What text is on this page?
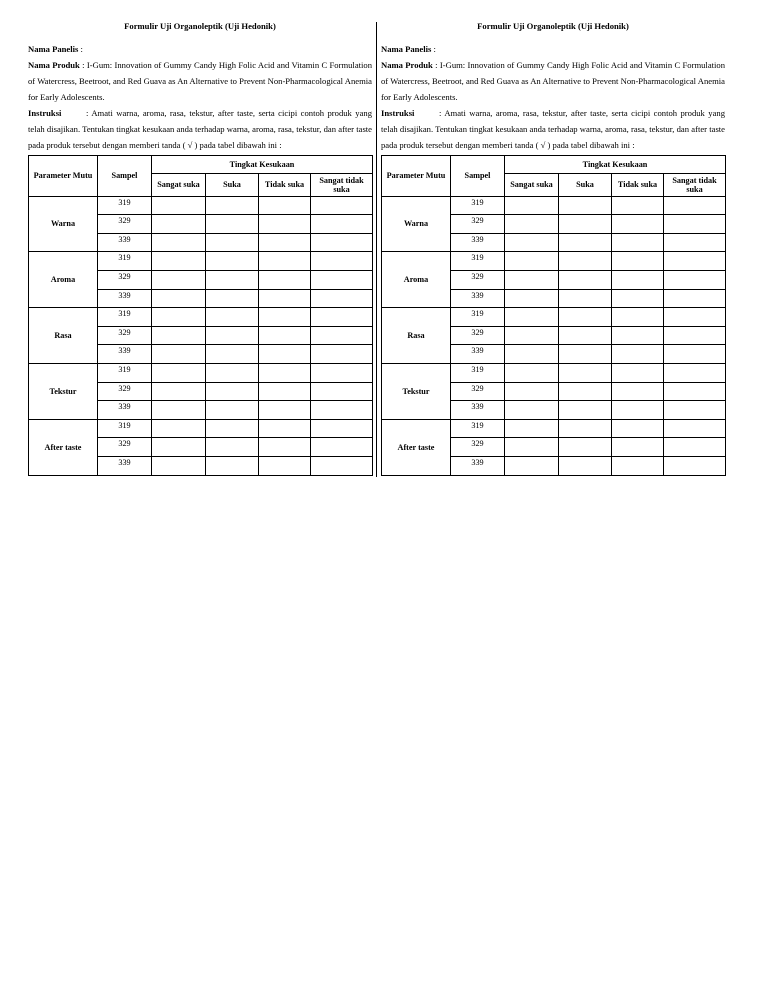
Formulir Uji Organoleptik (Uji Hedonik)
Nama Panelis :
Nama Produk : I-Gum: Innovation of Gummy Candy High Folic Acid and Vitamin C Formulation of Watercress, Beetroot, and Red Guava as An Alternative to Prevent Non-Pharmacological Anemia for Early Adolescents.
Instruksi	: Amati warna, aroma, rasa, tekstur, after taste, serta cicipi contoh produk yang telah disajikan. Tentukan tingkat kesukaan anda terhadap warna, aroma, rasa, tekstur, dan after taste pada produk tersebut dengan memberi tanda ( √ ) pada tabel dibawah ini :
Parameter Mutu	Sampel	Tingkat Kesukaan			
		Sangat suka	Suka	Tidak suka	Sangat tidak suka
Warna	319				
	329				
	339				
Aroma	319				
	329				
	339				
Rasa	319				
	329				
	339				
Tekstur	319				
	329				
	339				
After taste	319				
	329				
	339				
Formulir Uji Organoleptik (Uji Hedonik)
Nama Panelis :
Nama Produk : I-Gum: Innovation of Gummy Candy High Folic Acid and Vitamin C Formulation of Watercress, Beetroot, and Red Guava as An Alternative to Prevent Non-Pharmacological Anemia for Early Adolescents.
Instruksi	: Amati warna, aroma, rasa, tekstur, after taste, serta cicipi contoh produk yang telah disajikan. Tentukan tingkat kesukaan anda terhadap warna, aroma, rasa, tekstur, dan after taste pada produk tersebut dengan memberi tanda ( √ ) pada tabel dibawah ini :
Parameter Mutu	Sampel	Tingkat Kesukaan			
		Sangat suka	Suka	Tidak suka	Sangat tidak suka
Warna	319				
	329				
	339				
Aroma	319				
	329				
	339				
Rasa	319				
	329				
	339				
Tekstur	319				
	329				
	339				
After taste	319				
	329				
	339				
